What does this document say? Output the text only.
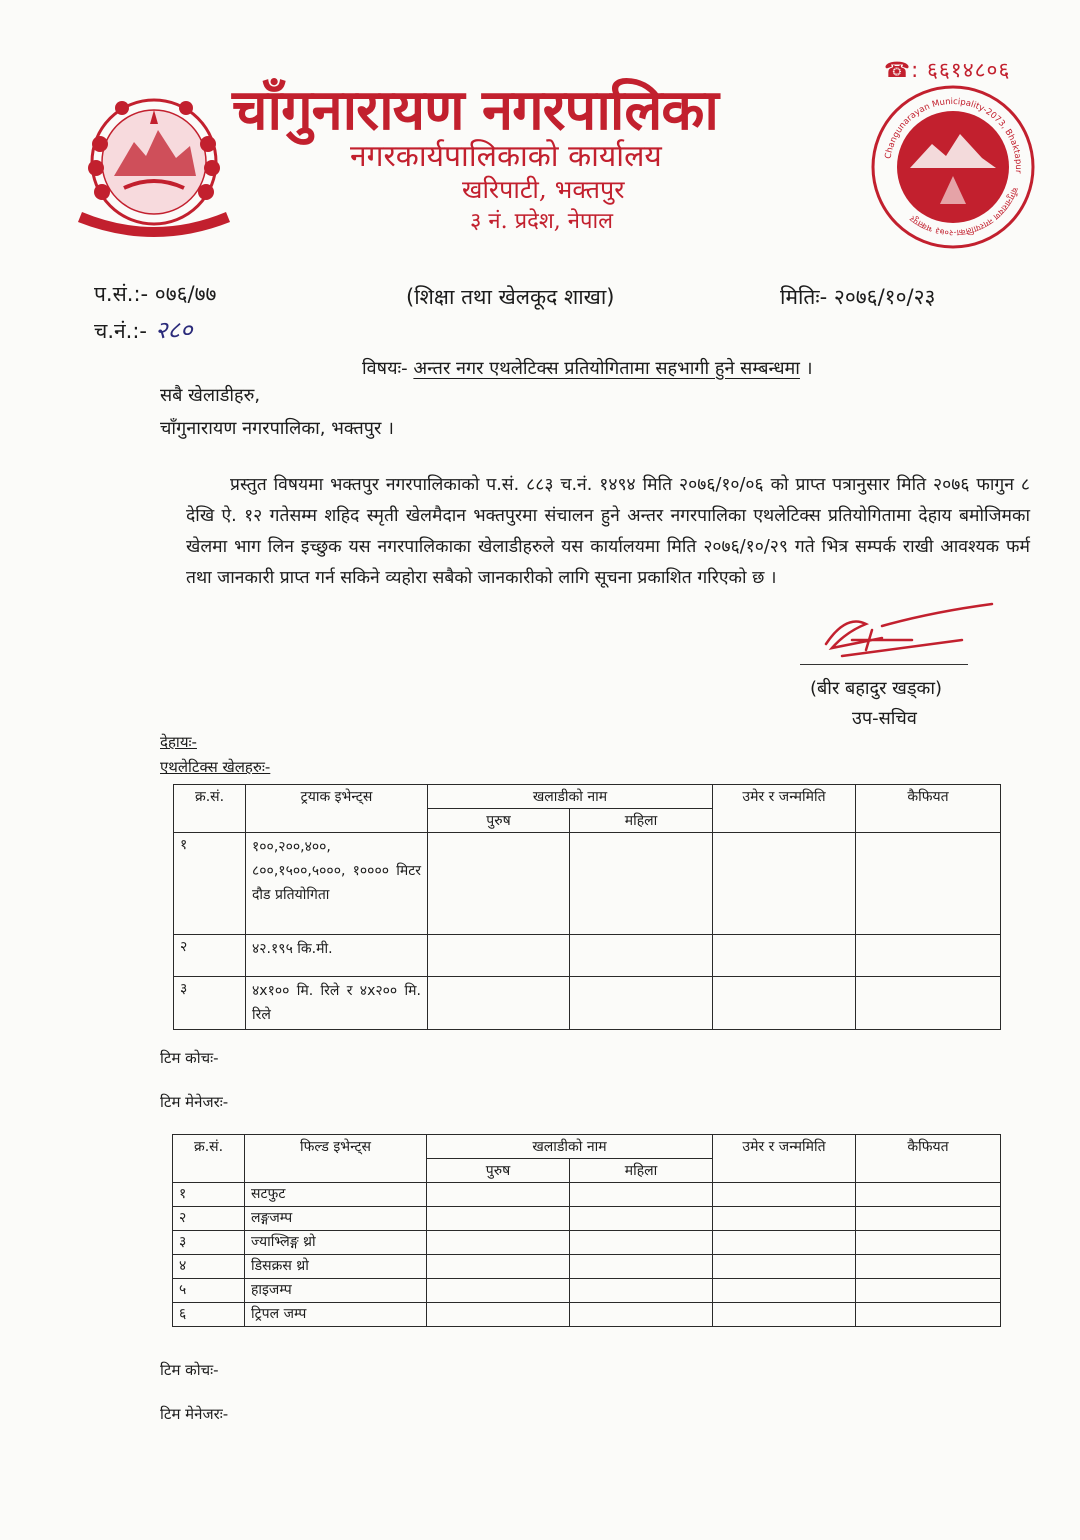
☎: ६६१४८०६
चाँगुनारायण नगरपालिका
नगरकार्यपालिकाको कार्यालय
खरिपाटी, भक्तपुर
३ नं. प्रदेश, नेपाल
Changunarayan Municipality-2073, Bhaktapur
चाँगुनारायण नगरपालिका-२०७३ भक्तपुर
प.सं.:- ०७६/७७
च.नं.:- २८०
(शिक्षा तथा खेलकूद शाखा)	मितिः- २०७६/१०/२३
विषयः- अन्तर नगर एथलेटिक्स प्रतियोगितामा सहभागी हुने सम्बन्धमा ।
सबै खेलाडीहरु,
चाँगुनारायण नगरपालिका, भक्तपुर ।
प्रस्तुत विषयमा भक्तपुर नगरपालिकाको प.सं. ८८३ च.नं. १४९४ मिति २०७६/१०/०६ को प्राप्त पत्रानुसार मिति २०७६ फागुन ८ देखि ऐ. १२ गतेसम्म शहिद स्मृती खेलमैदान भक्तपुरमा संचालन हुने अन्तर नगरपालिका एथलेटिक्स प्रतियोगितामा देहाय बमोजिमका खेलमा भाग लिन इच्छुक यस नगरपालिकाका खेलाडीहरुले यस कार्यालयमा मिति २०७६/१०/२९ गते भित्र सम्पर्क राखी आवश्यक फर्म तथा जानकारी प्राप्त गर्न सकिने व्यहोरा सबैको जानकारीको लागि सूचना प्रकाशित गरिएको छ ।
(बीर बहादुर खड्का)
उप-सचिव
देहायः-
एथलेटिक्स खेलहरुः-
क्र.सं.	ट्रयाक इभेन्ट्स	खलाडीको नाम		उमेर र जन्ममिति	कैफियत
		पुरुष	महिला		
१	१००,२००,४००, ८००,१५००,५०००, १०००० मिटर दौड प्रतियोगिता				
२	४२.१९५ कि.मी.				
३	४x१०० मि. रिले र ४x२०० मि. रिले				
टिम कोचः-
टिम मेनेजरः-
क्र.सं.	फिल्ड इभेन्ट्स	खलाडीको नाम		उमेर र जन्ममिति	कैफियत
		पुरुष	महिला		
१	सटफुट				
२	लङ्गजम्प				
३	ज्याभ्लिङ्ग थ्रो				
४	डिसक्रस थ्रो				
५	हाइजम्प				
६	ट्रिपल जम्प				
टिम कोचः-
टिम मेनेजरः-
